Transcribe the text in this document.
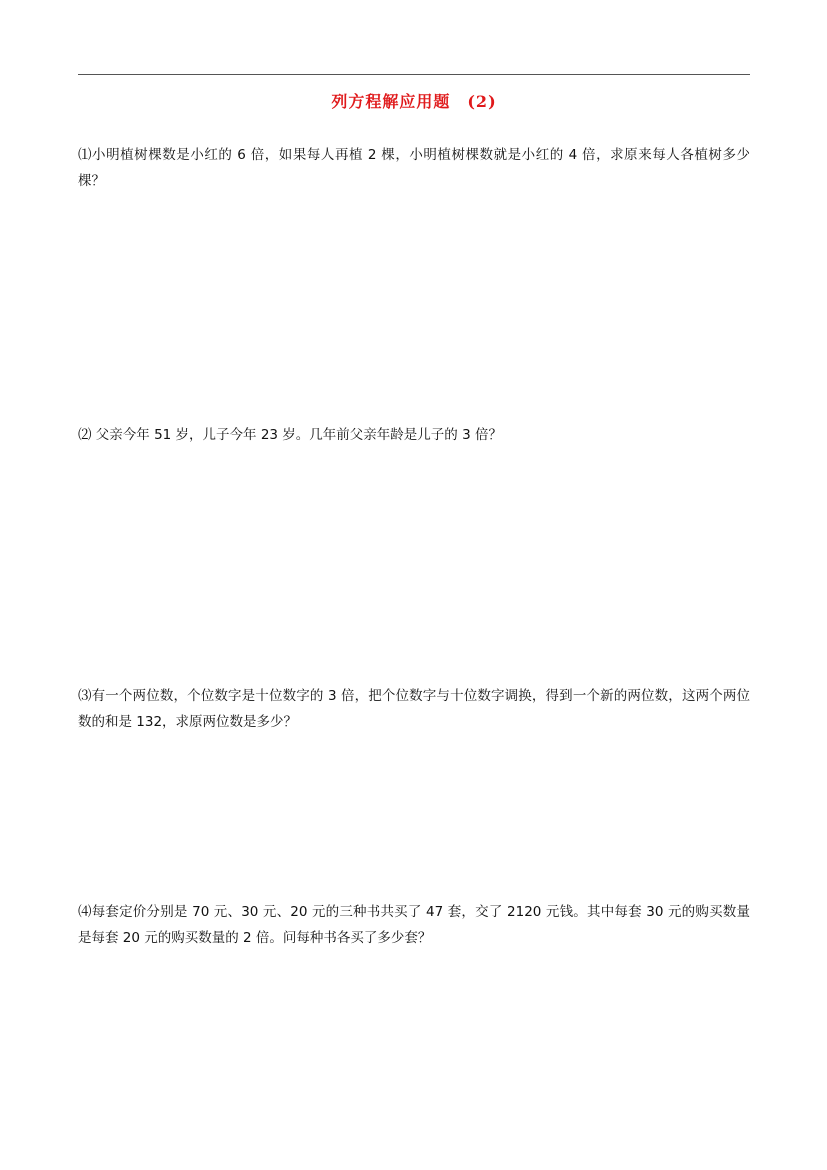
列方程解应用题　(2)
⑴小明植树棵数是小红的 6 倍，如果每人再植 2 棵，小明植树棵数就是小红的 4 倍，求原来每人各植树多少棵？
⑵ 父亲今年 51 岁，儿子今年 23 岁。几年前父亲年龄是儿子的 3 倍？
⑶有一个两位数，个位数字是十位数字的 3 倍，把个位数字与十位数字调换，得到一个新的两位数，这两个两位数的和是 132，求原两位数是多少？
⑷每套定价分别是 70 元、30 元、20 元的三种书共买了 47 套，交了 2120 元钱。其中每套 30 元的购买数量是每套 20 元的购买数量的 2 倍。问每种书各买了多少套？
